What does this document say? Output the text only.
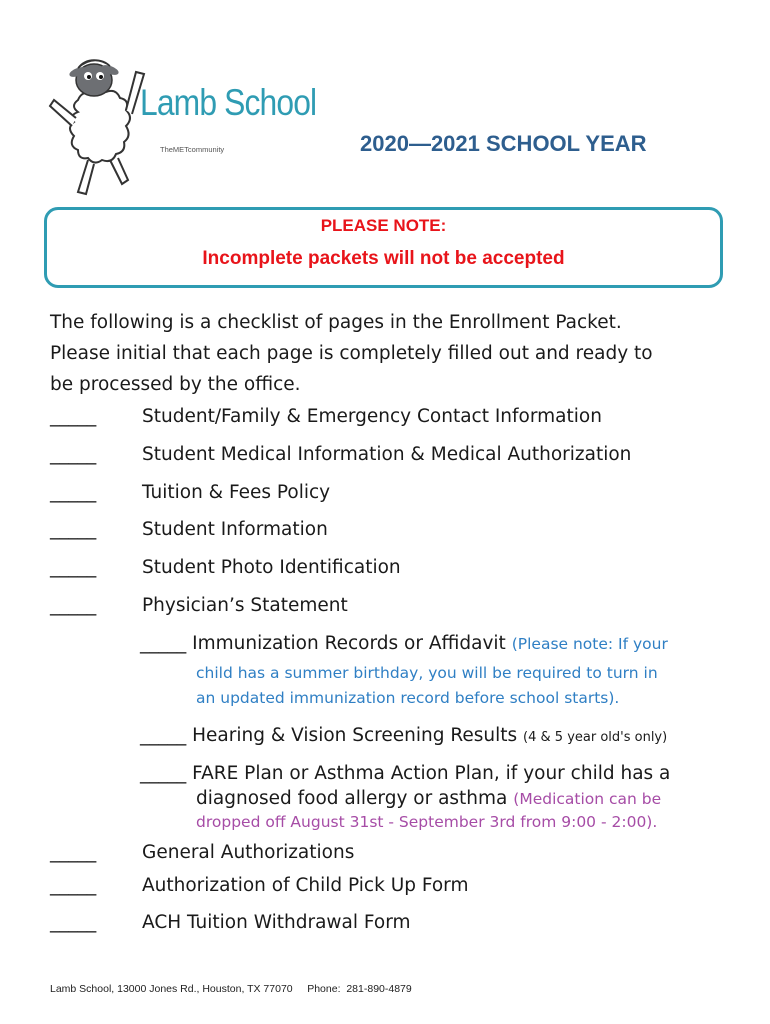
Lamb School
TheMETcommunity	2020—2021 SCHOOL YEAR
PLEASE NOTE:
Incomplete packets will not be accepted
The following is a checklist of pages in the Enrollment Packet.
Please initial that each page is completely filled out and ready to
be processed by the office.
_____ Student/Family & Emergency Contact Information
_____ Student Medical Information & Medical Authorization
_____ Tuition & Fees Policy
_____ Student Information
_____ Student Photo Identification
_____ Physician’s Statement
_____ Immunization Records or Affidavit (Please note: If your
child has a summer birthday, you will be required to turn in
an updated immunization record before school starts).
_____ Hearing & Vision Screening Results (4 & 5 year old's only)
_____ FARE Plan or Asthma Action Plan, if your child has a
diagnosed food allergy or asthma (Medication can be
dropped off August 31st - September 3rd from 9:00 - 2:00).
_____ General Authorizations
_____ Authorization of Child Pick Up Form
_____ ACH Tuition Withdrawal Form
Lamb School, 13000 Jones Rd., Houston, TX 77070     Phone:  281-890-4879
